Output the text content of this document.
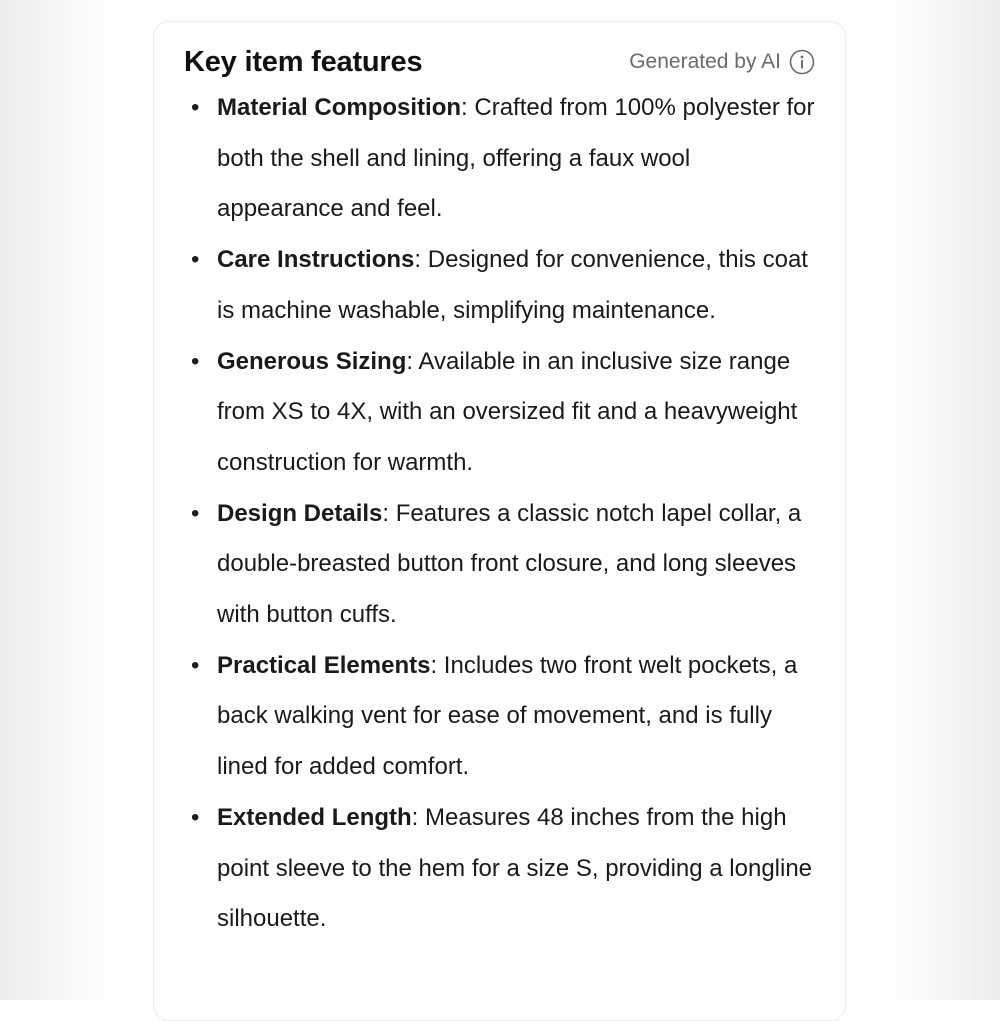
Key item features	Generated by AI
• Material Composition: Crafted from 100% polyester for both the shell and lining, offering a faux wool appearance and feel.
• Care Instructions: Designed for convenience, this coat is machine washable, simplifying maintenance.
• Generous Sizing: Available in an inclusive size range from XS to 4X, with an oversized fit and a heavyweight construction for warmth.
• Design Details: Features a classic notch lapel collar, a double-breasted button front closure, and long sleeves with button cuffs.
• Practical Elements: Includes two front welt pockets, a back walking vent for ease of movement, and is fully lined for added comfort.
• Extended Length: Measures 48 inches from the high point sleeve to the hem for a size S, providing a longline silhouette.
